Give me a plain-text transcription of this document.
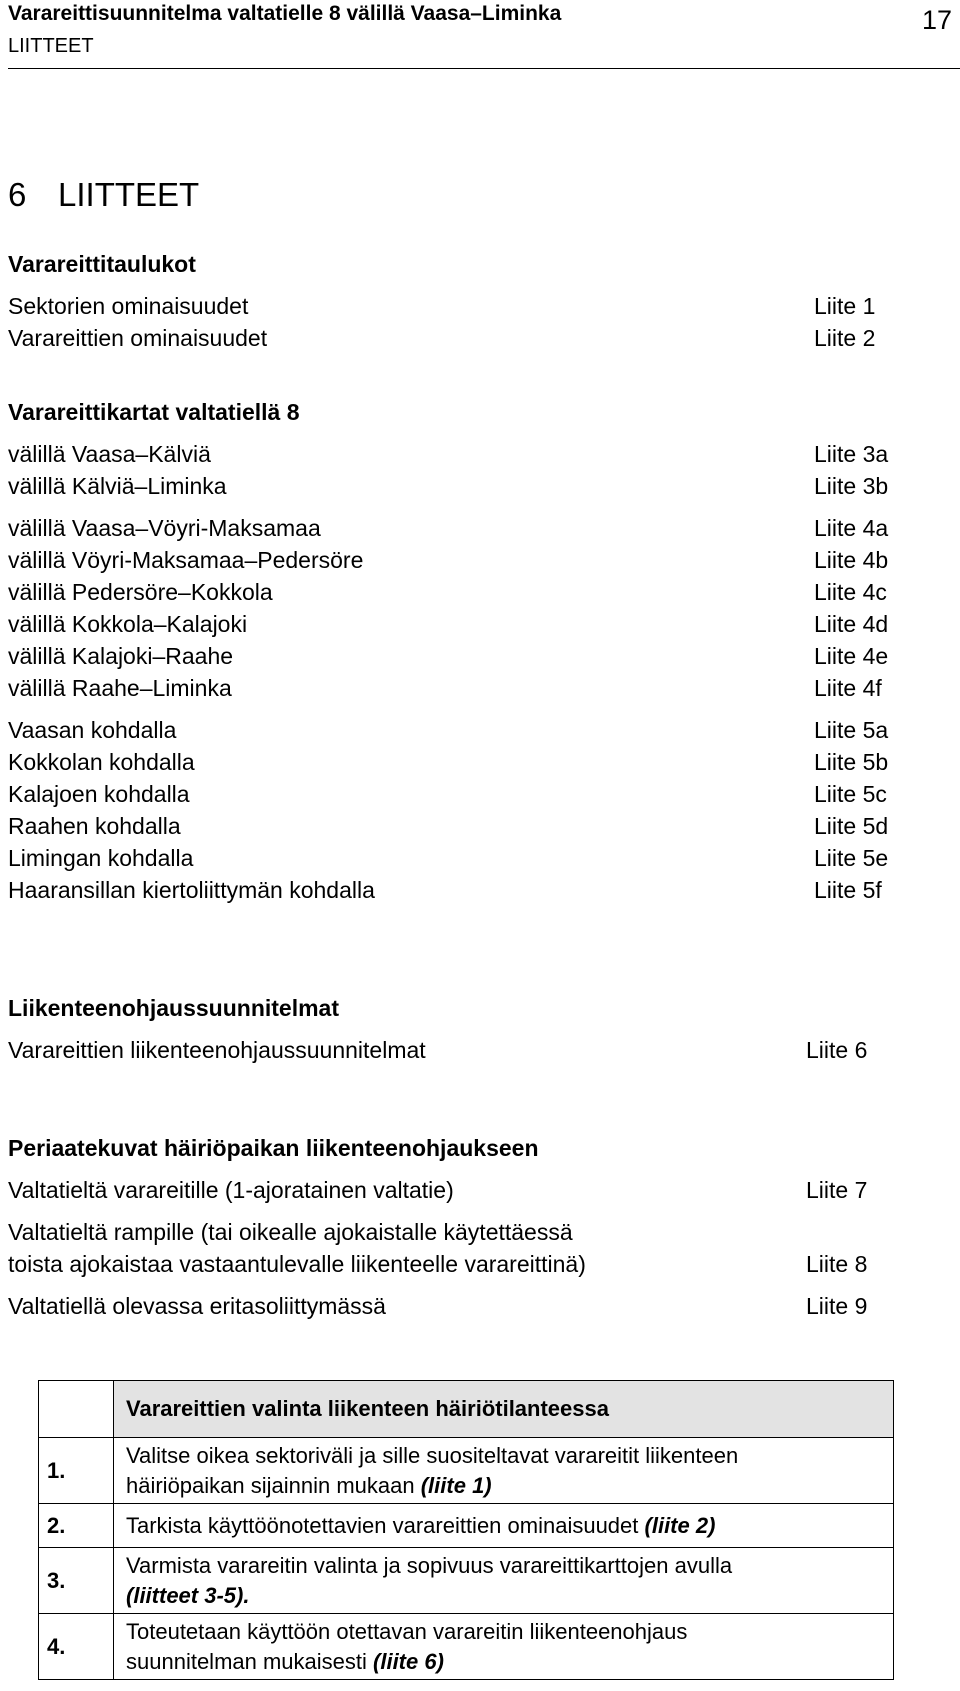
Varareittisuunnitelma valtatielle 8 välillä Vaasa–Liminka
LIITTEET
17
6 LIITTEET
Varareittitaulukot
Sektorien ominaisuudet	Liite 1
Varareittien ominaisuudet	Liite 2
Varareittikartat valtatiellä 8
välillä Vaasa–Kälviä	Liite 3a
välillä Kälviä–Liminka	Liite 3b
välillä Vaasa–Vöyri-Maksamaa	Liite 4a
välillä Vöyri-Maksamaa–Pedersöre	Liite 4b
välillä Pedersöre–Kokkola	Liite 4c
välillä Kokkola–Kalajoki	Liite 4d
välillä Kalajoki–Raahe	Liite 4e
välillä Raahe–Liminka	Liite 4f
Vaasan kohdalla	Liite 5a
Kokkolan kohdalla	Liite 5b
Kalajoen kohdalla	Liite 5c
Raahen kohdalla	Liite 5d
Limingan kohdalla	Liite 5e
Haaransillan kiertoliittymän kohdalla	Liite 5f
Liikenteenohjaussuunnitelmat
Varareittien liikenteenohjaussuunnitelmat	Liite 6
Periaatekuvat häiriöpaikan liikenteenohjaukseen
Valtatieltä varareitille (1-ajoratainen valtatie)	Liite 7
Valtatieltä rampille (tai oikealle ajokaistalle käytettäessä
toista ajokaistaa vastaantulevalle liikenteelle varareittinä)	Liite 8
Valtatiellä olevassa eritasoliittymässä	Liite 9
	Varareittien valinta liikenteen häiriötilanteessa
1.	Valitse oikea sektoriväli ja sille suositeltavat varareitit liikenteen
häiriöpaikan sijainnin mukaan (liite 1)
2.	Tarkista käyttöönotettavien varareittien ominaisuudet (liite 2)
3.	Varmista varareitin valinta ja sopivuus varareittikarttojen avulla
(liitteet 3-5).
4.	Toteutetaan käyttöön otettavan varareitin liikenteenohjaus
suunnitelman mukaisesti (liite 6)
